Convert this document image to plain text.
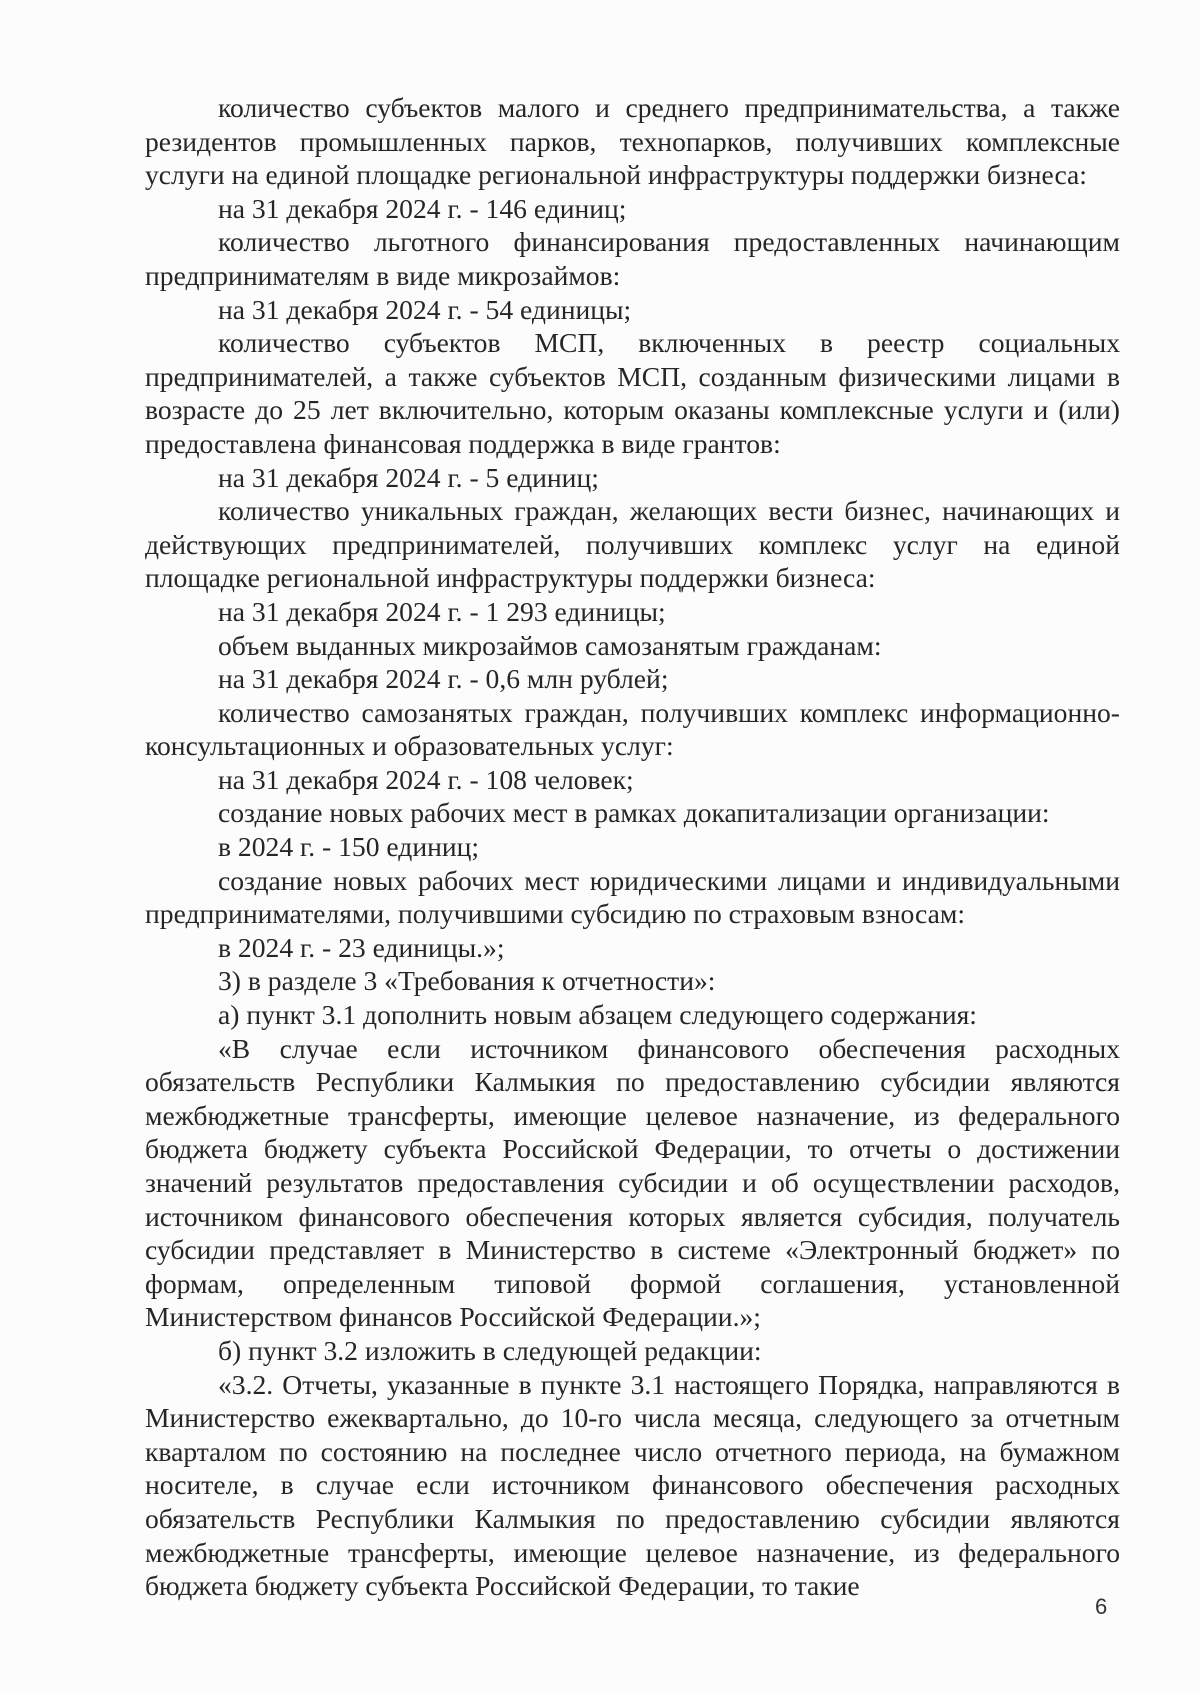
количество субъектов малого и среднего предпринимательства, а также резидентов промышленных парков, технопарков, получивших комплексные услуги на единой площадке региональной инфраструктуры поддержки бизнеса:

на 31 декабря 2024 г. - 146 единиц;

количество льготного финансирования предоставленных начинающим предпринимателям в виде микрозаймов:

на 31 декабря 2024 г. - 54 единицы;

количество субъектов МСП, включенных в реестр социальных предпринимателей, а также субъектов МСП, созданным физическими лицами в возрасте до 25 лет включительно, которым оказаны комплексные услуги и (или) предоставлена финансовая поддержка в виде грантов:

на 31 декабря 2024 г. - 5 единиц;

количество уникальных граждан, желающих вести бизнес, начинающих и действующих предпринимателей, получивших комплекс услуг на единой площадке региональной инфраструктуры поддержки бизнеса:

на 31 декабря 2024 г. - 1 293 единицы;

объем выданных микрозаймов самозанятым гражданам:

на 31 декабря 2024 г. - 0,6 млн рублей;

количество самозанятых граждан, получивших комплекс информационно-консультационных и образовательных услуг:

на 31 декабря 2024 г. - 108 человек;

создание новых рабочих мест в рамках докапитализации организации:

в 2024 г. - 150 единиц;

создание новых рабочих мест юридическими лицами и индивидуальными предпринимателями, получившими субсидию по страховым взносам:

в 2024 г. - 23 единицы.»;

3) в разделе 3 «Требования к отчетности»:

а) пункт 3.1 дополнить новым абзацем следующего содержания:

«В случае если источником финансового обеспечения расходных обязательств Республики Калмыкия по предоставлению субсидии являются межбюджетные трансферты, имеющие целевое назначение, из федерального бюджета бюджету субъекта Российской Федерации, то отчеты о достижении значений результатов предоставления субсидии и об осуществлении расходов, источником финансового обеспечения которых является субсидия, получатель субсидии представляет в Министерство в системе «Электронный бюджет» по формам, определенным типовой формой соглашения, установленной Министерством финансов Российской Федерации.»;

б) пункт 3.2 изложить в следующей редакции:

«3.2. Отчеты, указанные в пункте 3.1 настоящего Порядка, направляются в Министерство ежеквартально, до 10-го числа месяца, следующего за отчетным кварталом по состоянию на последнее число отчетного периода, на бумажном носителе, в случае если источником финансового обеспечения расходных обязательств Республики Калмыкия по предоставлению субсидии являются межбюджетные трансферты, имеющие целевое назначение, из федерального бюджета бюджету субъекта Российской Федерации, то такие

6
